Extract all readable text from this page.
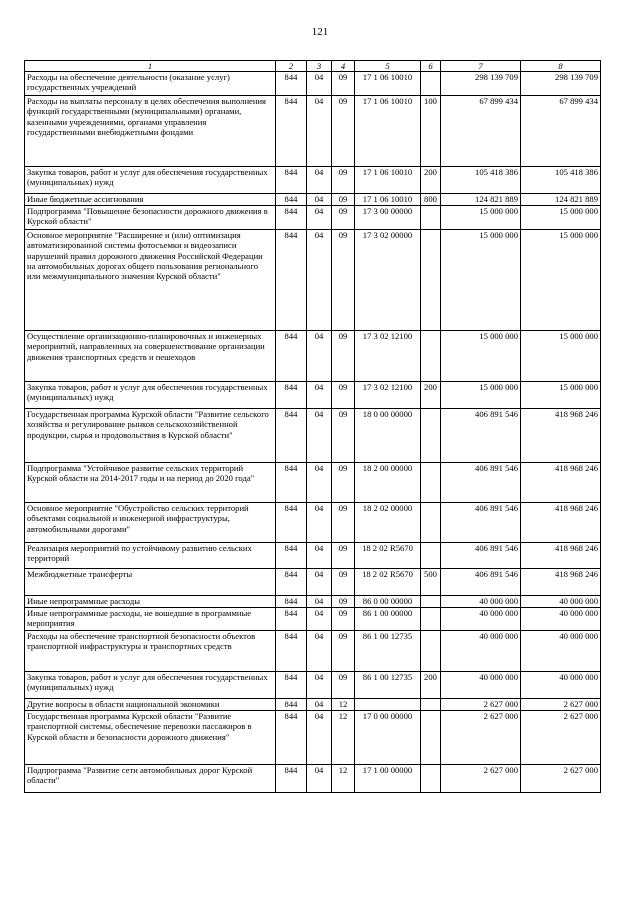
121
1	2	3	4	5	6	7	8
Расходы на обеспечение деятельности (оказание услуг) государственных учреждений	844	04	09	17 1 06 10010		298 139 709	298 139 709
Расходы на выплаты персоналу в целях обеспечения выполнения функций государственными (муниципальными) органами, казенными учреждениями, органами управления государственными внебюджетными фондами	844	04	09	17 1 06 10010	100	67 899 434	67 899 434
Закупка товаров, работ и услуг для обеспечения государственных (муниципальных) нужд	844	04	09	17 1 06 10010	200	105 418 386	105 418 386
Иные бюджетные ассигнования	844	04	09	17 1 06 10010	800	124 821 889	124 821 889
Подпрограмма "Повышение безопасности дорожного движения в Курской области"	844	04	09	17 3 00 00000		15 000 000	15 000 000
Основное мероприятие "Расширение и (или) оптимизация автоматизированной системы фотосъемки и видеозаписи нарушений правил дорожного движения Российской Федерации на автомобильных дорогах общего пользования регионального или межмуниципального значения Курской области"	844	04	09	17 3 02 00000		15 000 000	15 000 000
Осуществление организационно-планировочных и инженерных мероприятий, направленных на совершенствование организации движения транспортных средств и пешеходов	844	04	09	17 3 02 12100		15 000 000	15 000 000
Закупка товаров, работ и услуг для обеспечения государственных (муниципальных) нужд	844	04	09	17 3 02 12100	200	15 000 000	15 000 000
Государственная программа Курской области "Развитие сельского хозяйства и регулирование рынков сельскохозяйственной продукции, сырья и продовольствия в Курской области"	844	04	09	18 0 00 00000		406 891 546	418 968 246
Подпрограмма "Устойчивое развитие сельских территорий Курской области на 2014-2017 годы и на период до 2020 года"	844	04	09	18 2 00 00000		406 891 546	418 968 246
Основное мероприятие "Обустройство сельских территорий объектами социальной и инженерной инфраструктуры, автомобильными дорогами"	844	04	09	18 2 02 00000		406 891 546	418 968 246
Реализация мероприятий по устойчивому развитию сельских территорий	844	04	09	18 2 02 R5670		406 891 546	418 968 246
Межбюджетные трансферты	844	04	09	18 2 02 R5670	500	406 891 546	418 968 246
Иные непрограммные расходы	844	04	09	86 0 00 00000		40 000 000	40 000 000
Иные непрограммные расходы, не вошедшие в программные мероприятия	844	04	09	86 1 00 00000		40 000 000	40 000 000
Расходы на обеспечение транспортной безопасности объектов транспортной инфраструктуры и транспортных средств	844	04	09	86 1 00 12735		40 000 000	40 000 000
Закупка товаров, работ и услуг для обеспечения государственных (муниципальных) нужд	844	04	09	86 1 00 12735	200	40 000 000	40 000 000
Другие вопросы в области национальной экономики	844	04	12			2 627 000	2 627 000
Государственная программа Курской области "Развитие транспортной системы, обеспечение перевозки пассажиров в Курской области и безопасности дорожного движения"	844	04	12	17 0 00 00000		2 627 000	2 627 000
Подпрограмма "Развитие сети автомобильных дорог Курской области"	844	04	12	17 1 00 00000		2 627 000	2 627 000
